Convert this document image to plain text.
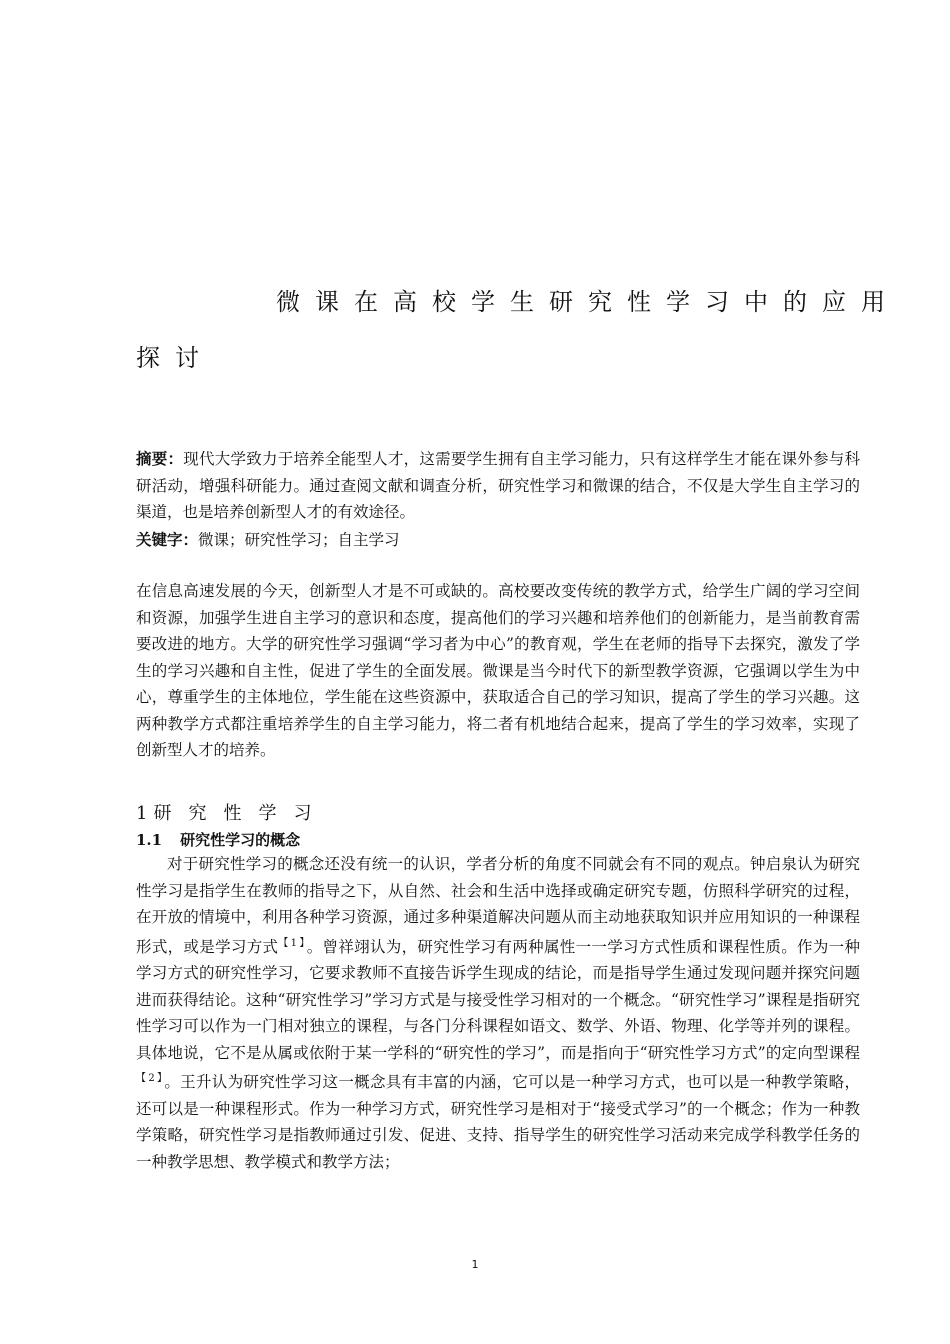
微课在高校学生研究性学习中的应用
探讨

摘要：现代大学致力于培养全能型人才，这需要学生拥有自主学习能力，只有这样学生才能在课外参与科研活动，增强科研能力。通过查阅文献和调查分析，研究性学习和微课的结合，不仅是大学生自主学习的渠道，也是培养创新型人才的有效途径。

关键字：微课；研究性学习；自主学习

在信息高速发展的今天，创新型人才是不可或缺的。高校要改变传统的教学方式，给学生广阔的学习空间和资源，加强学生进自主学习的意识和态度，提高他们的学习兴趣和培养他们的创新能力，是当前教育需要改进的地方。大学的研究性学习强调“学习者为中心”的教育观，学生在老师的指导下去探究，激发了学生的学习兴趣和自主性，促进了学生的全面发展。微课是当今时代下的新型教学资源，它强调以学生为中心，尊重学生的主体地位，学生能在这些资源中，获取适合自己的学习知识，提高了学生的学习兴趣。这两种教学方式都注重培养学生的自主学习能力，将二者有机地结合起来，提高了学生的学习效率，实现了创新型人才的培养。

1 研究性学习
1.1 研究性学习的概念

对于研究性学习的概念还没有统一的认识，学者分析的角度不同就会有不同的观点。钟启泉认为研究性学习是指学生在教师的指导之下，从自然、社会和生活中选择或确定研究专题，仿照科学研究的过程，在开放的情境中，利用各种学习资源，通过多种渠道解决问题从而主动地获取知识并应用知识的一种课程形式，或是学习方式$^{【1】}$。曾祥翊认为，研究性学习有两种属性一一学习方式性质和课程性质。作为一种学习方式的研究性学习，它要求教师不直接告诉学生现成的结论，而是指导学生通过发现问题并探究问题进而获得结论。这种“研究性学习”学习方式是与接受性学习相对的一个概念。“研究性学习”课程是指研究性学习可以作为一门相对独立的课程，与各门分科课程如语文、数学、外语、物理、化学等并列的课程。具体地说，它不是从属或依附于某一学科的“研究性的学习”，而是指向于“研究性学习方式”的定向型课程$^{【2】}$。王升认为研究性学习这一概念具有丰富的内涵，它可以是一种学习方式，也可以是一种教学策略，还可以是一种课程形式。作为一种学习方式，研究性学习是相对于“接受式学习”的一个概念；作为一种教学策略，研究性学习是指教师通过引发、促进、支持、指导学生的研究性学习活动来完成学科教学任务的一种教学思想、教学模式和教学方法；

1
